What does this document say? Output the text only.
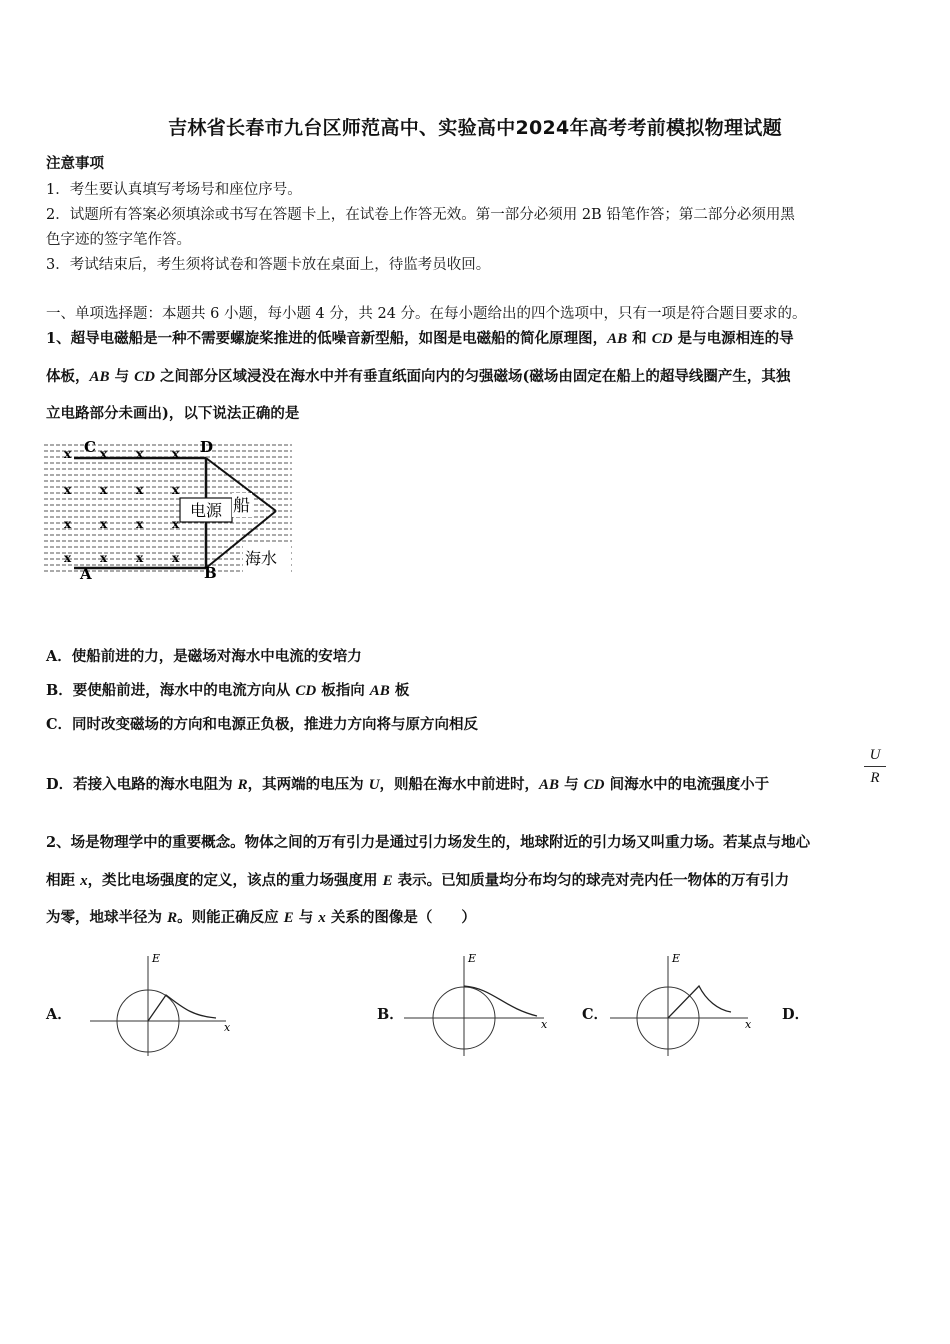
吉林省长春市九台区师范高中、实验高中2024年高考考前模拟物理试题
注意事项
1．考生要认真填写考场号和座位序号。
2．试题所有答案必须填涂或书写在答题卡上，在试卷上作答无效。第一部分必须用 2B 铅笔作答；第二部分必须用黑
色字迹的签字笔作答。
3．考试结束后，考生须将试卷和答题卡放在桌面上，待监考员收回。
一、单项选择题：本题共 6 小题，每小题 4 分，共 24 分。在每小题给出的四个选项中，只有一项是符合题目要求的。
1、超导电磁船是一种不需要螺旋桨推进的低噪音新型船，如图是电磁船的简化原理图，AB 和 CD 是与电源相连的导
体板，AB 与 CD 之间部分区域浸没在海水中并有垂直纸面向内的匀强磁场(磁场由固定在船上的超导线圈产生，其独
立电路部分未画出)，以下说法正确的是
电源 船
海水
C	D
A	B
x x x x
x x x x
x x x x
x x x x
A．使船前进的力，是磁场对海水中电流的安培力
B．要使船前进，海水中的电流方向从 CD 板指向 AB 板
C．同时改变磁场的方向和电源正负极，推进力方向将与原方向相反
D．若接入电路的海水电阻为 R，其两端的电压为 U，则船在海水中前进时，AB 与 CD 间海水中的电流强度小于
U
R
2、场是物理学中的重要概念。物体之间的万有引力是通过引力场发生的，地球附近的引力场又叫重力场。若某点与地心
相距 x，类比电场强度的定义，该点的重力场强度用 E 表示。已知质量均分布均匀的球壳对壳内任一物体的万有引力
为零，地球半径为 R。则能正确反应 E 与 x 关系的图像是（　　）
A．	B．	C．	D．
E
x
E
x
E
x
